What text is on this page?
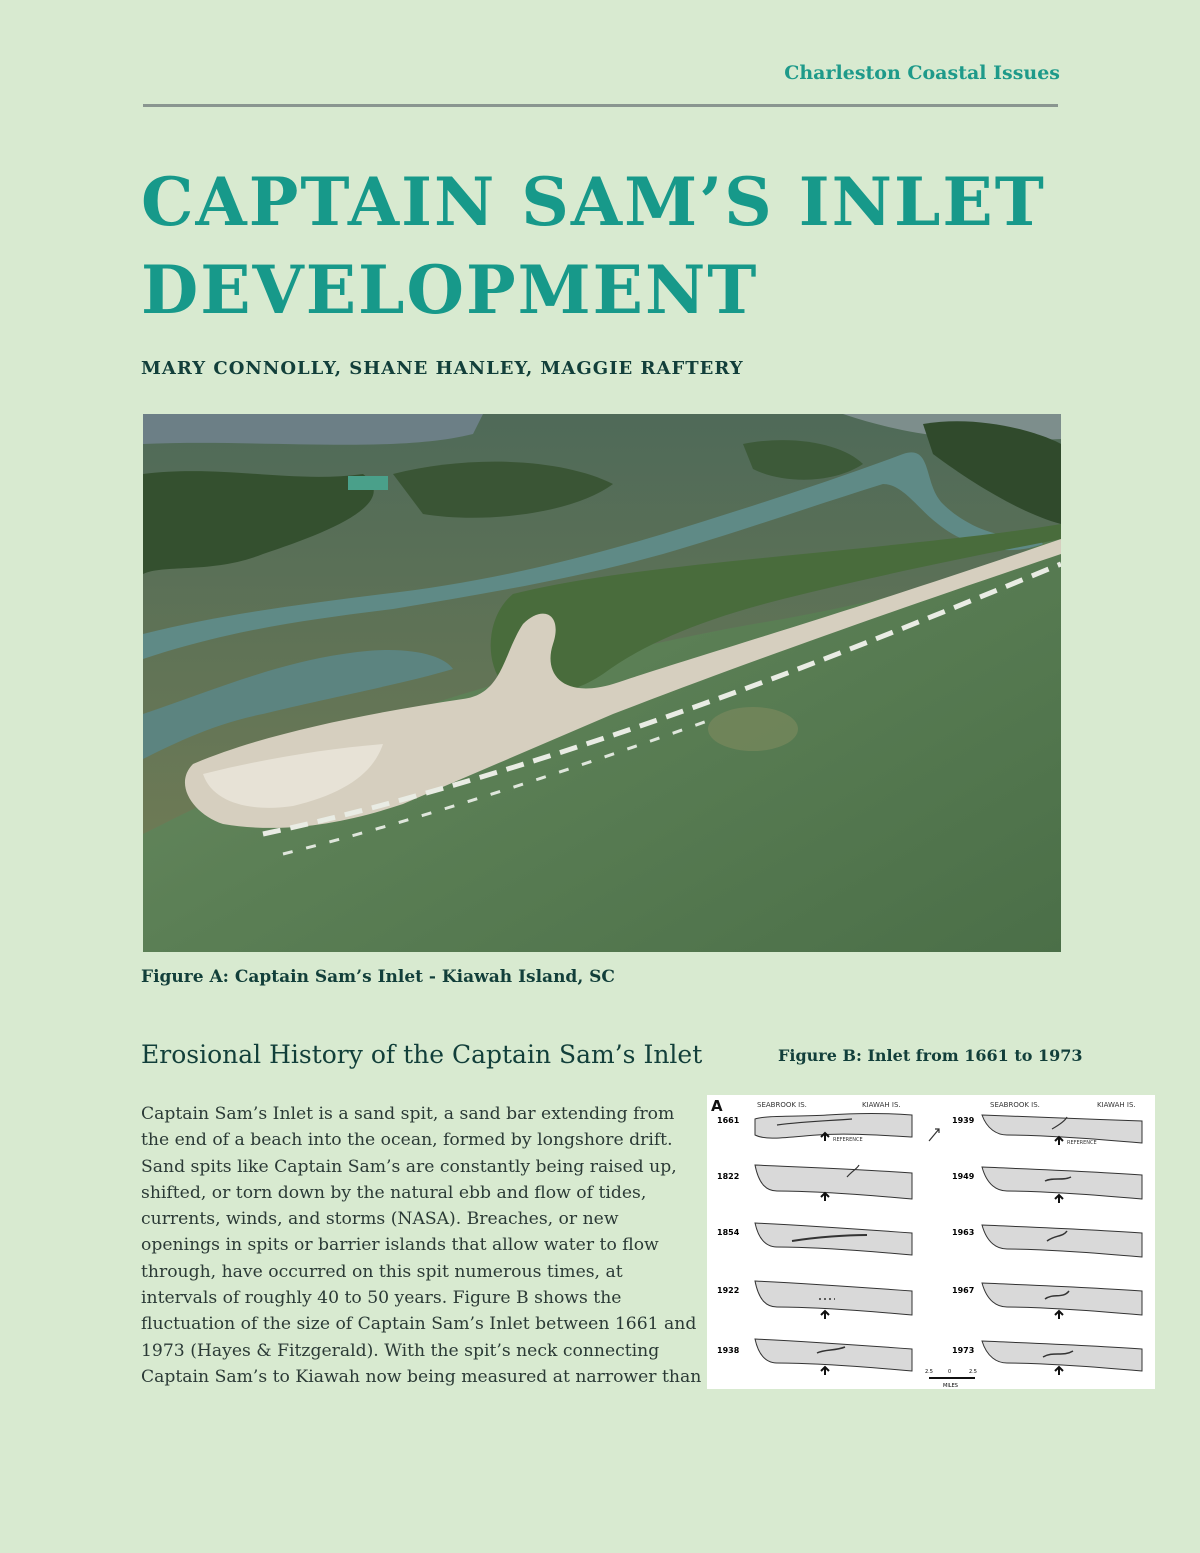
Charleston Coastal Issues
CAPTAIN SAM’S INLET
DEVELOPMENT
MARY CONNOLLY, SHANE HANLEY, MAGGIE RAFTERY
Figure A: Captain Sam’s Inlet - Kiawah Island, SC
Erosional History of the Captain Sam’s Inlet	Figure B: Inlet from 1661 to 1973

Captain Sam’s Inlet is a sand spit, a sand bar extending from
the end of a beach into the ocean, formed by longshore drift.
Sand spits like Captain Sam’s are constantly being raised up,
shifted, or torn down by the natural ebb and flow of tides,
currents, winds, and storms (NASA). Breaches, or new
openings in spits or barrier islands that allow water to flow
through, have occurred on this spit numerous times, at
intervals of roughly 40 to 50 years. Figure B shows the
fluctuation of the size of Captain Sam’s Inlet between 1661 and
1973 (Hayes & Fitzgerald). With the spit’s neck connecting
Captain Sam’s to Kiawah now being measured at narrower than

A	SEABROOK IS.	KIAWAH IS.	SEABROOK IS.	KIAWAH IS.
1661
REFERENCE
1822
1854
1922
1938
1939
REFERENCE
1949
1963
1967
1973
2.5	0	2.5
MILES
